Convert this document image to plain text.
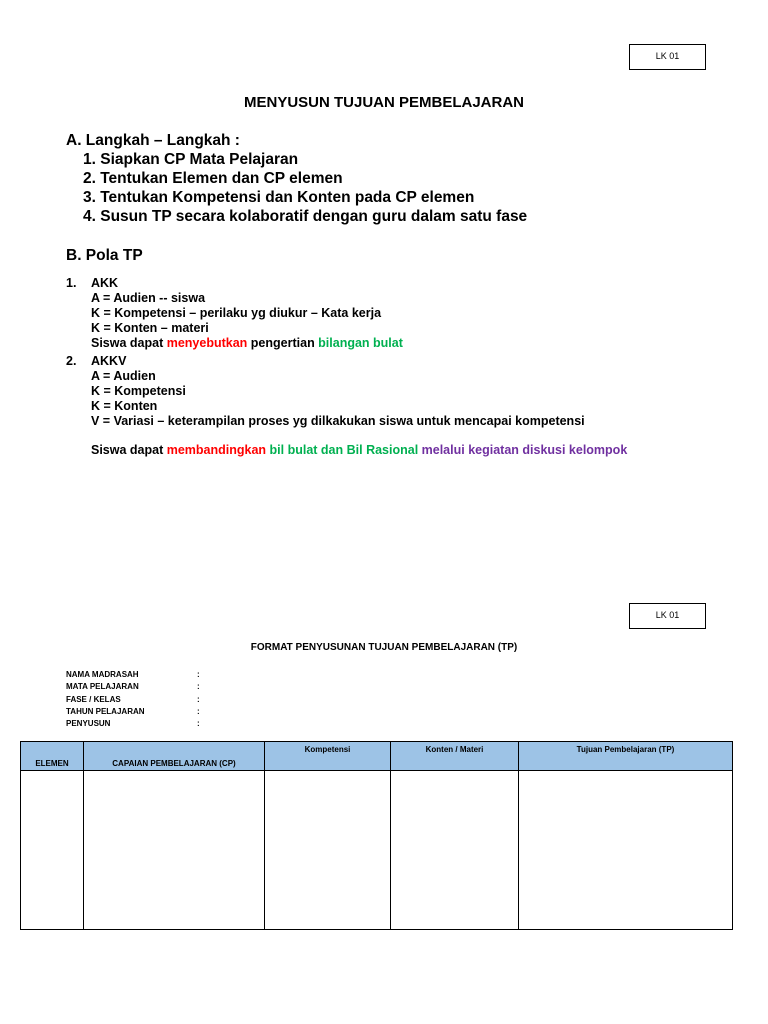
LK 01
MENYUSUN TUJUAN PEMBELAJARAN
A. Langkah – Langkah :
1. Siapkan CP Mata Pelajaran
2. Tentukan Elemen dan CP elemen
3. Tentukan Kompetensi dan Konten pada CP elemen
4. Susun TP secara kolaboratif dengan guru dalam satu fase
B. Pola TP
1. AKK
A = Audien -- siswa
K = Kompetensi – perilaku yg diukur – Kata kerja
K = Konten – materi
Siswa dapat menyebutkan pengertian bilangan bulat
2. AKKV
A = Audien
K = Kompetensi
K = Konten
V = Variasi – keterampilan proses yg dilkakukan siswa untuk mencapai kompetensi
Siswa dapat membandingkan bil bulat dan Bil Rasional melalui kegiatan diskusi kelompok
LK 01
FORMAT PENYUSUNAN TUJUAN PEMBELAJARAN (TP)
NAMA MADRASAH	:
MATA PELAJARAN	:
FASE / KELAS	:
TAHUN PELAJARAN	:
PENYUSUN	:
ELEMEN	CAPAIAN PEMBELAJARAN (CP)	Kompetensi	Konten / Materi	Tujuan Pembelajaran (TP)
